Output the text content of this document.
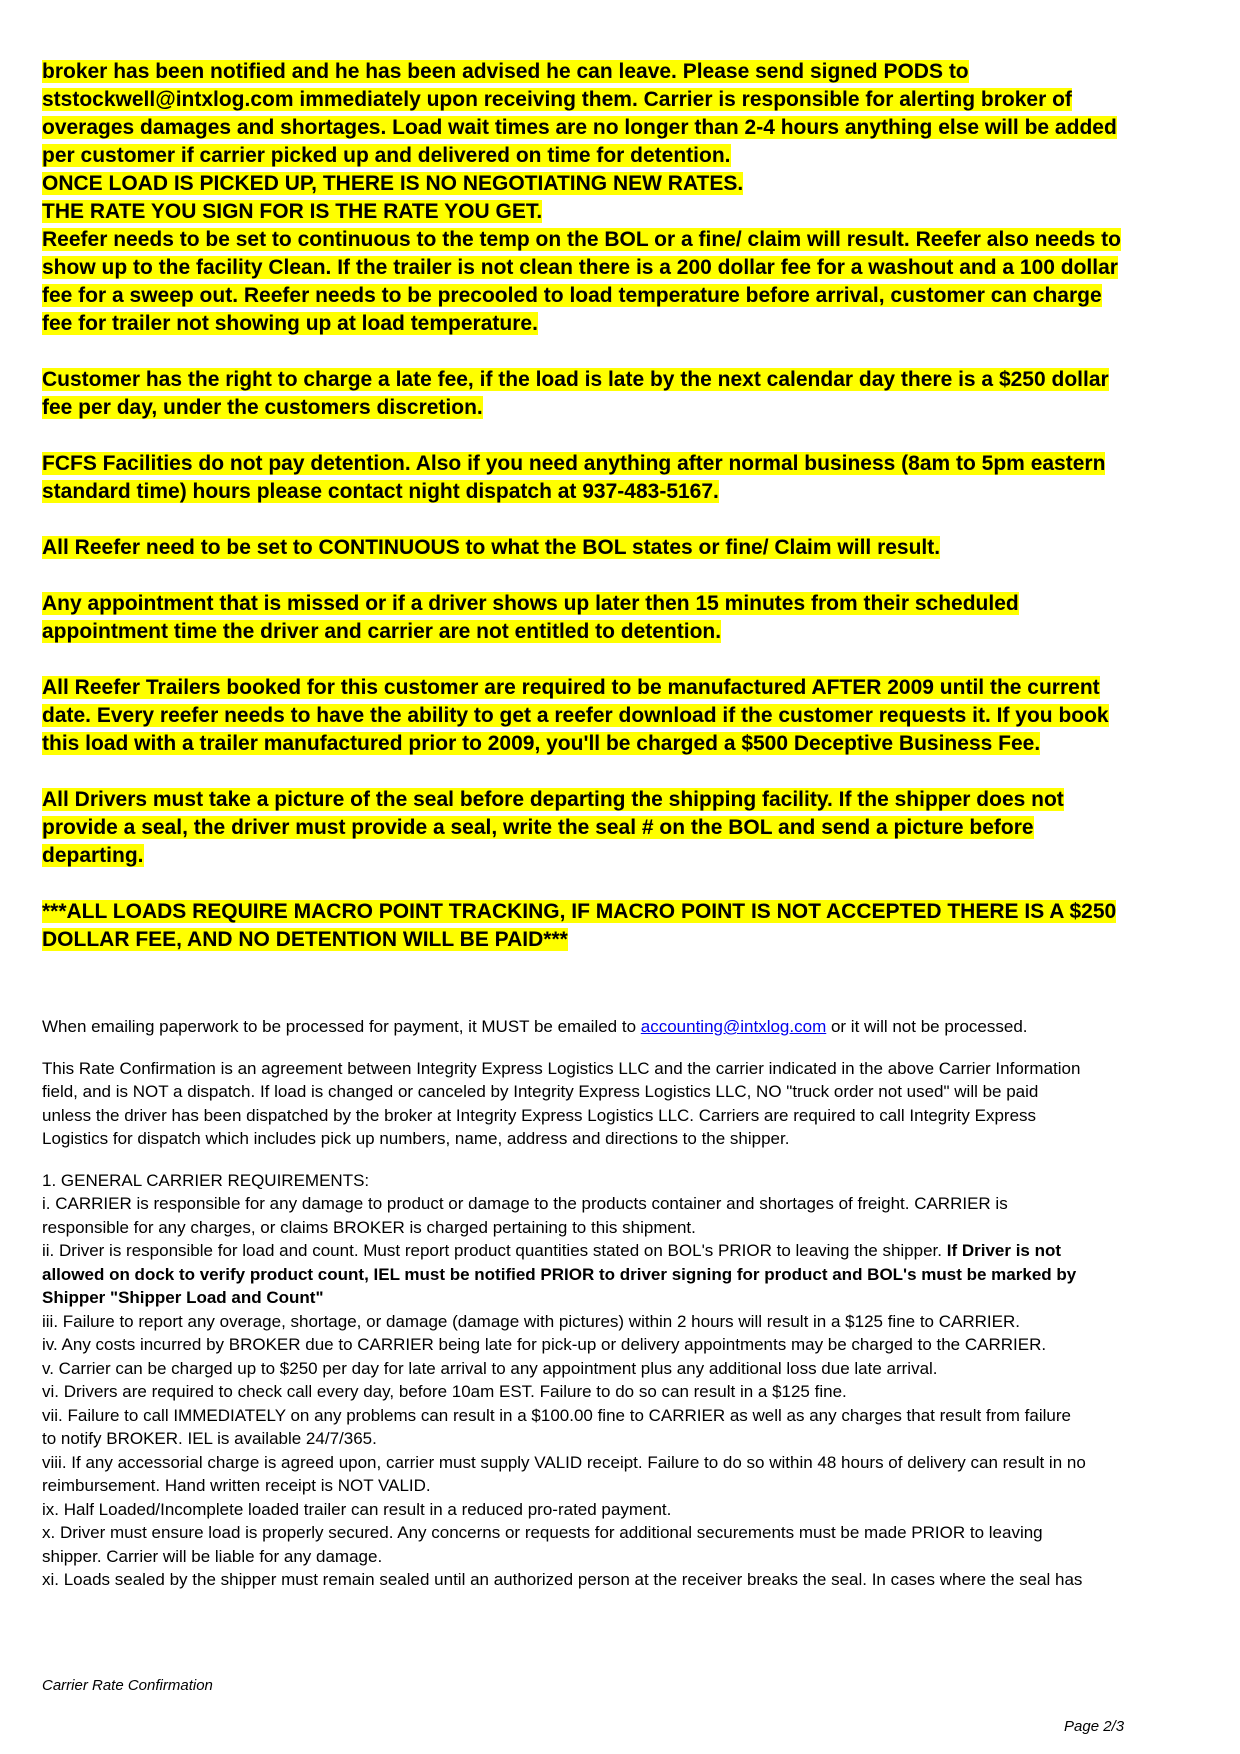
broker has been notified and he has been advised he can leave. Please send signed PODS to
ststockwell@intxlog.com immediately upon receiving them. Carrier is responsible for alerting broker of
overages damages and shortages. Load wait times are no longer than 2-4 hours anything else will be added
per customer if carrier picked up and delivered on time for detention.
ONCE LOAD IS PICKED UP, THERE IS NO NEGOTIATING NEW RATES.
THE RATE YOU SIGN FOR IS THE RATE YOU GET.
Reefer needs to be set to continuous to the temp on the BOL or a fine/ claim will result. Reefer also needs to
show up to the facility Clean. If the trailer is not clean there is a 200 dollar fee for a washout and a 100 dollar
fee for a sweep out. Reefer needs to be precooled to load temperature before arrival, customer can charge
fee for trailer not showing up at load temperature.

Customer has the right to charge a late fee, if the load is late by the next calendar day there is a $250 dollar
fee per day, under the customers discretion.

FCFS Facilities do not pay detention. Also if you need anything after normal business (8am to 5pm eastern
standard time) hours please contact night dispatch at 937-483-5167.

All Reefer need to be set to CONTINUOUS to what the BOL states or fine/ Claim will result.

Any appointment that is missed or if a driver shows up later then 15 minutes from their scheduled
appointment time the driver and carrier are not entitled to detention.

All Reefer Trailers booked for this customer are required to be manufactured AFTER 2009 until the current
date. Every reefer needs to have the ability to get a reefer download if the customer requests it. If you book
this load with a trailer manufactured prior to 2009, you'll be charged a $500 Deceptive Business Fee.

All Drivers must take a picture of the seal before departing the shipping facility. If the shipper does not
provide a seal, the driver must provide a seal, write the seal # on the BOL and send a picture before
departing.

***ALL LOADS REQUIRE MACRO POINT TRACKING, IF MACRO POINT IS NOT ACCEPTED THERE IS A $250
DOLLAR FEE, AND NO DETENTION WILL BE PAID***

When emailing paperwork to be processed for payment, it MUST be emailed to accounting@intxlog.com or it will not be processed.

This Rate Confirmation is an agreement between Integrity Express Logistics LLC and the carrier indicated in the above Carrier Information
field, and is NOT a dispatch. If load is changed or canceled by Integrity Express Logistics LLC, NO "truck order not used" will be paid
unless the driver has been dispatched by the broker at Integrity Express Logistics LLC. Carriers are required to call Integrity Express
Logistics for dispatch which includes pick up numbers, name, address and directions to the shipper.

1. GENERAL CARRIER REQUIREMENTS:
i. CARRIER is responsible for any damage to product or damage to the products container and shortages of freight. CARRIER is
responsible for any charges, or claims BROKER is charged pertaining to this shipment.
ii. Driver is responsible for load and count. Must report product quantities stated on BOL's PRIOR to leaving the shipper. If Driver is not
allowed on dock to verify product count, IEL must be notified PRIOR to driver signing for product and BOL's must be marked by
Shipper "Shipper Load and Count"
iii. Failure to report any overage, shortage, or damage (damage with pictures) within 2 hours will result in a $125 fine to CARRIER.
iv. Any costs incurred by BROKER due to CARRIER being late for pick-up or delivery appointments may be charged to the CARRIER.
v. Carrier can be charged up to $250 per day for late arrival to any appointment plus any additional loss due late arrival.
vi. Drivers are required to check call every day, before 10am EST. Failure to do so can result in a $125 fine.
vii. Failure to call IMMEDIATELY on any problems can result in a $100.00 fine to CARRIER as well as any charges that result from failure
to notify BROKER. IEL is available 24/7/365.
viii. If any accessorial charge is agreed upon, carrier must supply VALID receipt. Failure to do so within 48 hours of delivery can result in no
reimbursement. Hand written receipt is NOT VALID.
ix. Half Loaded/Incomplete loaded trailer can result in a reduced pro-rated payment.
x. Driver must ensure load is properly secured. Any concerns or requests for additional securements must be made PRIOR to leaving
shipper. Carrier will be liable for any damage.
xi. Loads sealed by the shipper must remain sealed until an authorized person at the receiver breaks the seal. In cases where the seal has
Carrier Rate Confirmation
Page 2/3
